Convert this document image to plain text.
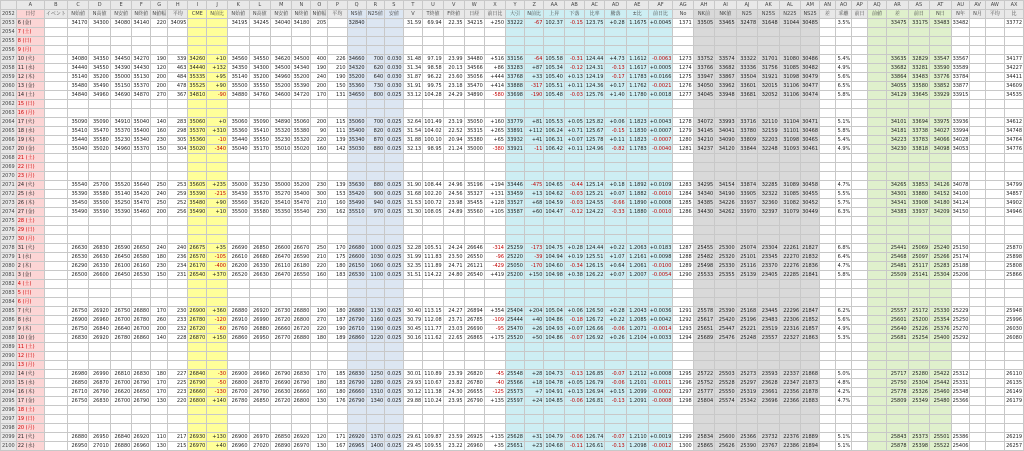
	A	B	C	D	E	F	G	H	I	J	K	L	M	N	O	P	Q	R	S	T	U	V	W	X	Y	Z	AA	AB	AC	AD	AE	AF	AG	AH	AI	AJ	AK	AL	AM	AN	AO	AP	AQ	AR	AS	AT	AU	AV	AW	AX
2052	日付	イベント	N始値	N高値	N安値	N終値	N値幅	平均	CME	N前比	N始値	N高値	N安値	N終値	N値幅	平均	NS値	N25値	安値	V	T終値	F終値	日経	前日比	大引	N前比	上昇	下落	比率	騰落	±比	前日比	No	NK前	NK値	N25	N25S	N225	NS25	差	乖離	前日	前値	差	前日	N日	N年	N月	平均	比
2053	6 (金)		34170	34300	34080	34140	220	34095			34195	34245	34040	34180	205		32840			31.59	69.94	22.35	34215	+250	33222	-67	102.37	-0.15	123.75	+0.28	1.1675	+0.0045	1371	33505	33465	32478	31648	31044	30485		3.5%			33475	33175	33483	33482			33772
2054	7 (土)																																																	
2055	8 (日)																																																	
2056	9 (月)																																																	
2057	10 (火)		34080	34350	34450	34270	190	339	34260	+10	34560	34550	34620	34500	400	226	34660	700	0.030	31.48	97.19	23.99	34480	+516	33156	-64	105.58	-0.31	124.44	+4.73	1.1612	-0.0063	1273	33752	33574	33322	31701	31080	30486		5.4%			33635	32829	33547	33567			34177
2058	11 (水)		34440	34550	34390	34430	120	463	34440	+132	34350	34300	34500	34340	190	210	34320	620	0.030	31.34	98.58	20.13	34566	+86	33283	+87	105.34	-0.12	124.31	-0.13	1.1617	+0.0005	1274	33766	33682	33336	31756	31085	30482		4.9%			33682	33281	33590	33589			34227
2059	12 (木)		35140	35200	35000	35130	200	484	35335	+95	35140	35200	34960	35200	240	190	35200	640	0.030	31.87	96.22	23.60	35056	+444	33768	+33	105.40	+0.13	124.19	-0.17	1.1783	+0.0166	1275	33947	33867	33504	31921	31098	30479		5.6%			33864	33483	33776	33784			34411
2060	13 (金)		35480	35490	35150	35370	200	478	35525	+90	35500	35550	35200	35390	200	150	35360	730	0.030	31.91	99.75	23.18	35470	+414	33888	-317	105.51	+0.11	124.36	+0.17	1.1762	-0.0021	1276	34050	33962	33601	32015	31106	30477		6.5%			34055	33580	33852	33877			34609
2061	14 (土)		34840	34960	34690	34870	270	367	34810	-90	34880	34760	34600	34720	170	131	34650	800	0.025	33.12	104.28	24.29	34890	-580	33698	-190	105.48	-0.03	125.76	+1.40	1.1780	+0.0018	1277	34045	33948	33681	32052	31106	30474		5.8%			34129	33645	33929	33915			34535
2062	15 (日)																																																	
2063	16 (月)																																																	
2064	17 (火)		35090	35090	34910	35040	140	283	35060	+0	35060	35090	34890	35060	200	115	35060	700	0.025	32.64	101.49	23.19	35050	+160	33779	+81	105.53	+0.05	125.82	+0.06	1.1823	+0.0043	1278	34072	33993	33716	32110	31104	30471		5.1%			34101	33694	33975	33936			34612
2065	18 (水)		35410	35470	35370	35400	160	298	35370	+310	35360	35410	35320	35380	90	111	35400	820	0.025	31.54	104.02	22.52	35315	+265	33891	+112	106.24	+0.71	125.67	-0.15	1.1830	+0.0007	1279	34145	34041	33780	32159	31101	30468		5.8%			34181	33738	34027	33994			34748
2066	19 (木)		35440	35580	35230	35340	230	305	35360	-10	35440	35550	35230	35320	220	139	35340	870	0.025	31.88	100.10	20.94	35380	+65	33932	+41	106.31	+0.07	125.78	+0.11	1.1823	-0.0007	1280	34210	34090	33809	32203	31098	30465		5.4%			34223	33783	34066	34028			34764
2067	20 (金)		35040	35020	34960	35370	150	304	35020	-340	35040	35170	35010	35020	160	142	35030	880	0.025	32.13	98.95	21.24	35000	-380	33921	-11	106.42	+0.11	124.96	-0.82	1.1783	-0.0040	1281	34237	34120	33844	32248	31093	30461		4.9%			34230	33818	34098	34053			34776
2068	21 (土)																																																	
2069	22 (日)																																																	
2070	23 (月)																																																	
2071	24 (火)		35540	25700	35520	35640	250	253	35605	+235	35000	35230	35000	35200	230	139	35630	880	0.025	31.90	108.44	24.96	35196	+194	33446	-475	104.65	-0.44	125.14	+0.18	1.1892	+0.0109	1283	34295	34154	33874	32285	31089	30458		4.7%			34265	33853	34126	34078			34799
2072	25 (水)		35390	35580	35140	35420	240	259	35390	-215	35430	35570	35270	35400	300	153	35420	900	0.025	31.68	102.20	24.56	35327	+131	33459	+13	104.62	-0.03	125.21	+0.07	1.1882	-0.0010	1284	34340	34190	33905	32322	31085	30455		5.5%			34301	33880	34152	34100			34857
2073	26 (木)		35450	35500	35250	35470	250	252	35480	+90	35560	35620	35410	35470	210	160	35490	940	0.025	31.53	100.72	23.98	35455	+128	33527	+68	104.59	-0.03	124.55	-0.66	1.1890	+0.0008	1285	34385	34226	33937	32360	31082	30452		5.7%			34341	33908	34180	34124			34902
2074	27 (金)		35490	35590	35390	35460	200	256	35490	+10	35500	35580	35350	35540	230	162	35510	970	0.025	31.30	108.05	24.89	35560	+105	33587	+60	104.47	-0.12	124.22	-0.33	1.1880	-0.0010	1286	34430	34262	33970	32397	31079	30449		6.3%			34383	33937	34209	34150			34946
2075	28 (土)																																																	
2076	29 (日)																																																	
2077	30 (月)																																																	
2078	31 (火)		26630	26830	26590	26650	240	240	26675	+35	26690	26850	26600	26670	250	170	26680	1000	0.025	32.28	105.51	24.24	26646	-314	25259	-173	104.75	+0.28	124.44	+0.22	1.2063	+0.0183	1287	25455	25300	25074	23304	22261	21827		6.8%			25441	25069	25240	25150			25870
2079	1 (水)		26530	26630	26450	26580	180	236	26570	-105	26610	26680	26470	26590	210	175	26600	1030	0.025	31.99	111.83	23.50	26550	-96	25220	-39	104.94	+0.19	125.51	+1.07	1.2161	+0.0098	1288	25482	25320	25101	23345	22270	21832		6.4%			25468	25097	25266	25174			25898
2080	2 (木)		26290	26330	26100	26160	230	234	26170	-400	26200	26330	26110	26180	220	180	26150	1060	0.025	32.35	111.89	24.71	26121	-429	25050	-170	104.60	-0.34	126.15	+0.64	1.2061	-0.0100	1289	25498	25330	25116	23370	22276	21836		4.7%			25481	25117	25283	25188			25808
2081	3 (金)		26500	26600	26450	26530	150	231	26540	+370	26520	26630	26470	26550	160	183	26530	1100	0.025	31.51	114.22	24.80	26540	+419	25200	+150	104.98	+0.38	126.22	+0.07	1.2007	-0.0054	1290	25533	25355	25139	23405	22285	21841		5.8%			25509	25141	25304	25206			25866
2082	4 (土)																																																	
2083	5 (日)																																																	
2084	6 (月)																																																	
2085	7 (火)		26750	26920	26750	26880	170	230	26900	+360	26880	26920	26730	26880	190	180	26880	1130	0.025	30.40	113.15	24.27	26894	+354	25404	+204	105.04	+0.06	126.50	+0.28	1.2043	+0.0036	1291	25578	25390	25168	23445	22296	21847		6.2%			25557	25172	25330	25229			25948
2086	8 (水)		26900	26960	26700	26780	260	233	26780	-120	26910	26990	26720	26800	270	187	26790	1160	0.025	30.79	112.08	23.71	26785	-109	25444	+40	104.86	-0.18	126.72	+0.22	1.2085	+0.0042	1292	25617	25420	25196	23483	22306	21852		5.6%			25601	25200	25354	25250			25996
2087	9 (木)		26750	26840	26640	26700	200	232	26720	-60	26760	26880	26660	26720	220	190	26710	1190	0.025	30.45	111.77	23.03	26690	-95	25470	+26	104.93	+0.07	126.66	-0.06	1.2071	-0.0014	1293	25651	25447	25221	23519	22316	21857		4.9%			25640	25226	25376	25270			26030
2088	10 (金)		26830	26920	26780	26860	140	228	26870	+150	26860	26950	26770	26880	180	189	26860	1220	0.025	30.16	111.62	22.65	26865	+175	25520	+50	104.86	-0.07	126.92	+0.26	1.2104	+0.0033	1294	25689	25476	25248	23557	22327	21863		5.3%			25681	25254	25400	25292			26080
2089	11 (土)																																																	
2090	12 (日)																																																	
2091	13 (月)																																																	
2092	14 (火)		26980	26990	26810	26830	180	227	26840	-30	26900	26960	26790	26830	170	185	26830	1250	0.025	30.01	110.89	23.39	26820	-45	25548	+28	104.73	-0.13	126.85	-0.07	1.2112	+0.0008	1295	25722	25503	25273	23593	22337	21868		5.0%			25717	25280	25422	25312			26110
2093	15 (水)		26850	26870	26700	26790	170	225	26790	-50	26800	26870	26690	26790	180	183	26790	1280	0.025	29.93	110.67	23.82	26780	-40	25566	+18	104.78	+0.05	126.79	-0.06	1.2101	-0.0011	1296	25752	25528	25297	23628	22347	21873		4.8%			25750	25304	25442	25331			26135
2094	16 (木)		26710	26790	26620	26650	170	223	26660	-130	26700	26790	26630	26660	160	180	26660	1310	0.025	30.12	111.38	24.30	26655	-125	25573	+7	104.91	+0.13	126.94	+0.15	1.2099	-0.0002	1297	25777	25550	25319	23661	22356	21878		4.2%			25778	25326	25460	25348			26149
2095	17 (金)		26750	26830	26700	26790	130	220	26800	+140	26780	26850	26720	26800	130	176	26790	1340	0.025	29.88	110.24	23.95	26790	+135	25597	+24	104.85	-0.06	126.81	-0.13	1.2091	-0.0008	1298	25804	25574	25342	23696	22366	21883		4.7%			25809	25349	25480	25366			26179
2096	18 (土)																																																	
2097	19 (日)																																																	
2098	20 (月)																																																	
2099	21 (火)		26880	26950	26840	26920	110	217	26930	+130	26900	26970	26850	26920	120	171	26920	1370	0.025	29.61	109.87	23.59	26925	+135	25628	+31	104.79	-0.06	126.74	-0.07	1.2110	+0.0019	1299	25834	25600	25366	23732	22376	21889		5.1%			25843	25373	25501	25386			26219
2100	22 (水)		26950	27010	26880	26960	130	215	26970	+40	26960	27020	26890	26970	130	167	26965	1400	0.025	29.45	109.55	23.22	26960	+35	25651	+23	104.68	-0.11	126.61	-0.13	1.2098	-0.0012	1300	25865	25626	25390	23767	22386	21894		5.1%			25878	25398	25522	25406			26257
